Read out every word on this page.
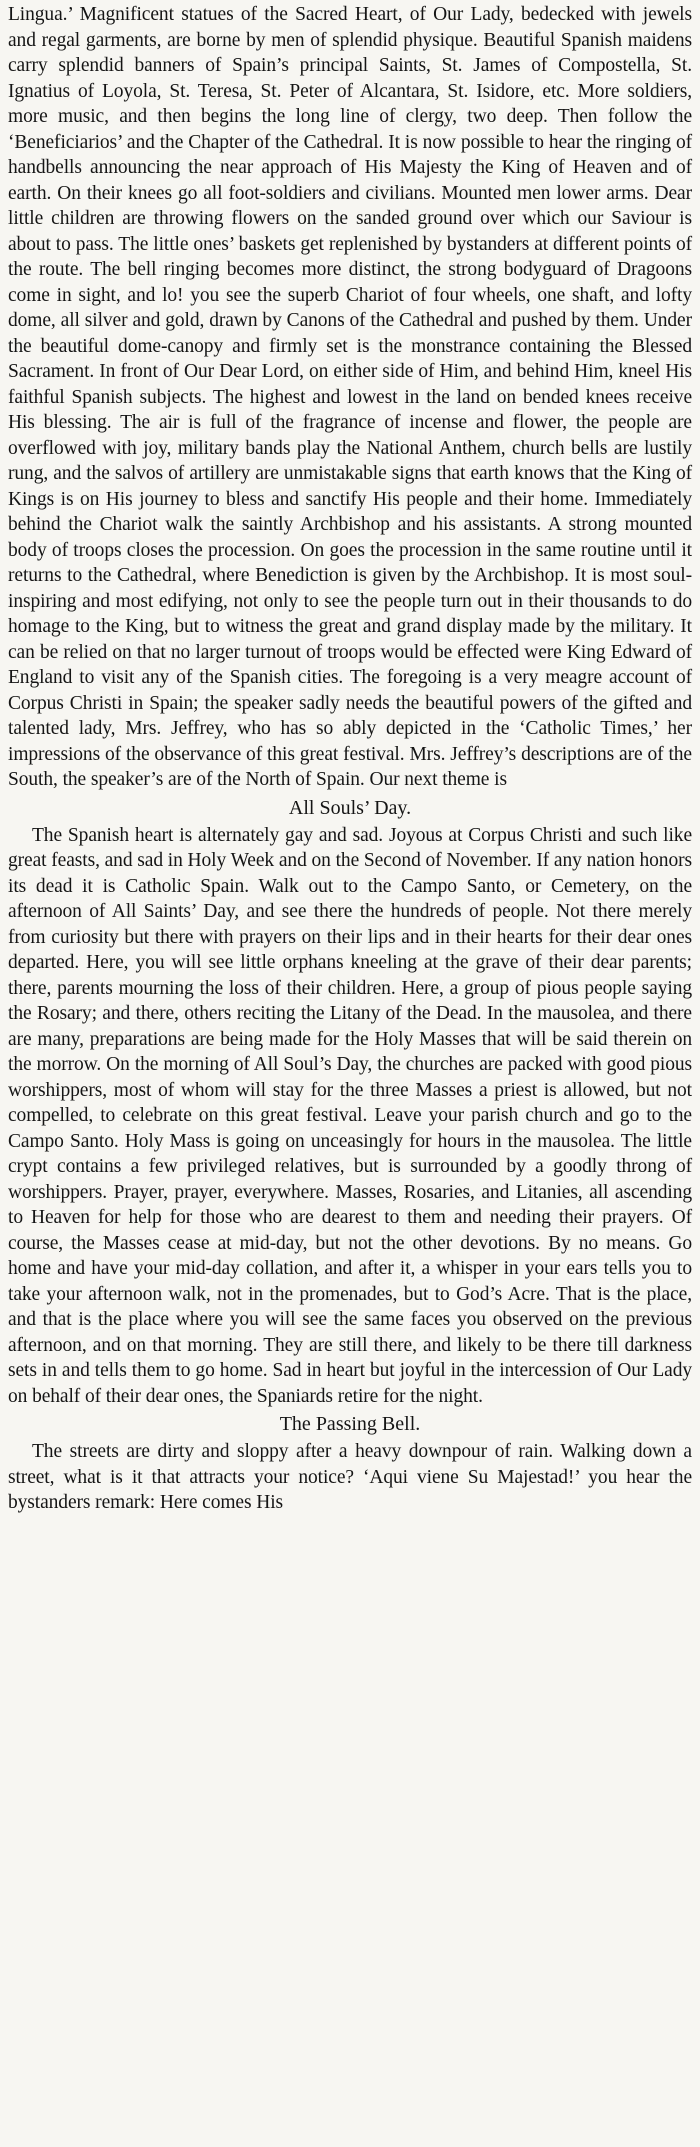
Lingua.’ Magnificent statues of the Sacred Heart, of Our Lady, bedecked with jewels and regal garments, are borne by men of splendid physique. Beautiful Spanish maidens carry splendid banners of Spain’s principal Saints, St. James of Compostella, St. Ignatius of Loyola, St. Teresa, St. Peter of Alcantara, St. Isidore, etc. More soldiers, more music, and then begins the long line of clergy, two deep. Then follow the ‘Beneficiarios’ and the Chapter of the Cathedral. It is now possible to hear the ringing of handbells announcing the near approach of His Majesty the King of Heaven and of earth. On their knees go all foot-soldiers and civilians. Mounted men lower arms. Dear little children are throwing flowers on the sanded ground over which our Saviour is about to pass. The little ones’ baskets get replenished by bystanders at different points of the route. The bell ringing becomes more distinct, the strong bodyguard of Dragoons come in sight, and lo! you see the superb Chariot of four wheels, one shaft, and lofty dome, all silver and gold, drawn by Canons of the Cathedral and pushed by them. Under the beautiful dome-canopy and firmly set is the monstrance containing the Blessed Sacrament. In front of Our Dear Lord, on either side of Him, and behind Him, kneel His faithful Spanish subjects. The highest and lowest in the land on bended knees receive His blessing. The air is full of the fragrance of incense and flower, the people are overflowed with joy, military bands play the National Anthem, church bells are lustily rung, and the salvos of artillery are unmistakable signs that earth knows that the King of Kings is on His journey to bless and sanctify His people and their home. Immediately behind the Chariot walk the saintly Archbishop and his assistants. A strong mounted body of troops closes the procession. On goes the procession in the same routine until it returns to the Cathedral, where Benediction is given by the Archbishop. It is most soul-inspiring and most edifying, not only to see the people turn out in their thousands to do homage to the King, but to witness the great and grand display made by the military. It can be relied on that no larger turnout of troops would be effected were King Edward of England to visit any of the Spanish cities. The foregoing is a very meagre account of Corpus Christi in Spain; the speaker sadly needs the beautiful powers of the gifted and talented lady, Mrs. Jeffrey, who has so ably depicted in the ‘Catholic Times,’ her impressions of the observance of this great festival. Mrs. Jeffrey’s descriptions are of the South, the speaker’s are of the North of Spain. Our next theme is

All Souls’ Day.

The Spanish heart is alternately gay and sad. Joyous at Corpus Christi and such like great feasts, and sad in Holy Week and on the Second of November. If any nation honors its dead it is Catholic Spain. Walk out to the Campo Santo, or Cemetery, on the afternoon of All Saints’ Day, and see there the hundreds of people. Not there merely from curiosity but there with prayers on their lips and in their hearts for their dear ones departed. Here, you will see little orphans kneeling at the grave of their dear parents; there, parents mourning the loss of their children. Here, a group of pious people saying the Rosary; and there, others reciting the Litany of the Dead. In the mausolea, and there are many, preparations are being made for the Holy Masses that will be said therein on the morrow. On the morning of All Soul’s Day, the churches are packed with good pious worshippers, most of whom will stay for the three Masses a priest is allowed, but not compelled, to celebrate on this great festival. Leave your parish church and go to the Campo Santo. Holy Mass is going on unceasingly for hours in the mausolea. The little crypt contains a few privileged relatives, but is surrounded by a goodly throng of worshippers. Prayer, prayer, everywhere. Masses, Rosaries, and Litanies, all ascending to Heaven for help for those who are dearest to them and needing their prayers. Of course, the Masses cease at mid-day, but not the other devotions. By no means. Go home and have your mid-day collation, and after it, a whisper in your ears tells you to take your afternoon walk, not in the promenades, but to God’s Acre. That is the place, and that is the place where you will see the same faces you observed on the previous afternoon, and on that morning. They are still there, and likely to be there till darkness sets in and tells them to go home. Sad in heart but joyful in the intercession of Our Lady on behalf of their dear ones, the Spaniards retire for the night.

The Passing Bell.

The streets are dirty and sloppy after a heavy downpour of rain. Walking down a street, what is it that attracts your notice? ‘Aqui viene Su Majestad!’ you hear the bystanders remark: Here comes His
